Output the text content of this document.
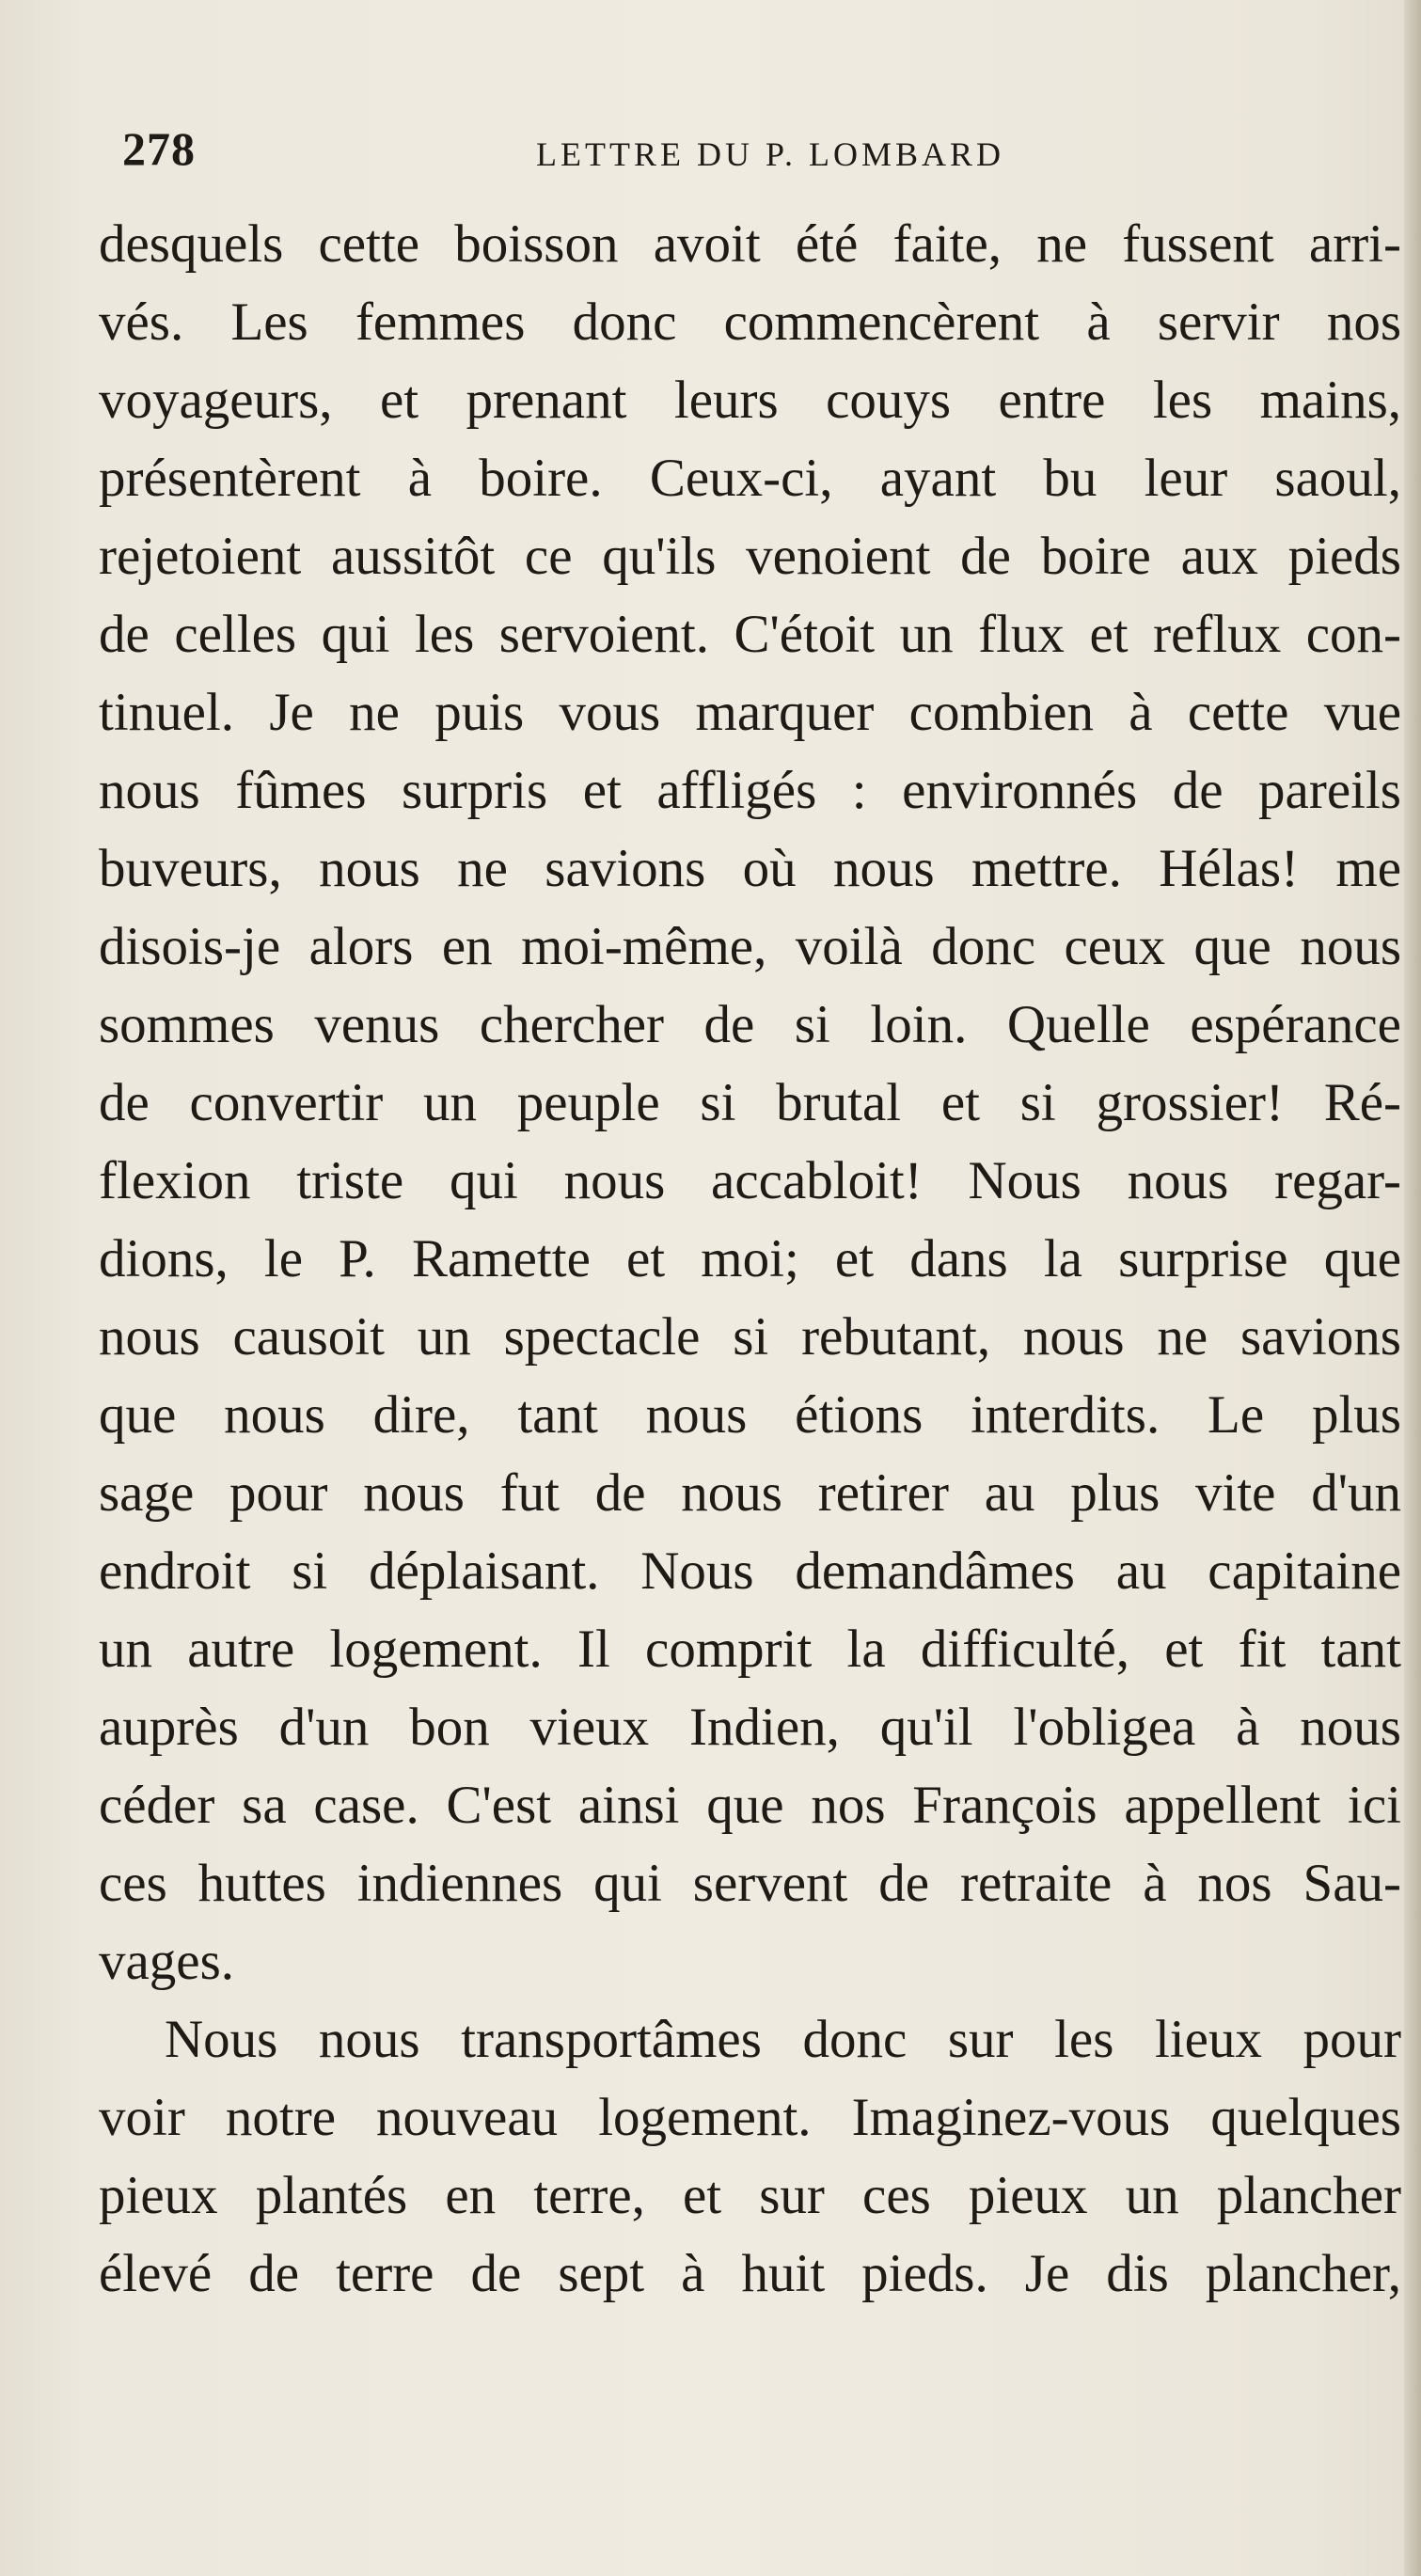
278	LETTRE DU P. LOMBARD
desquels cette boisson avoit été faite, ne fussent arri-
vés. Les femmes donc commencèrent à servir nos
voyageurs, et prenant leurs couys entre les mains,
présentèrent à boire. Ceux-ci, ayant bu leur saoul,
rejetoient aussitôt ce qu'ils venoient de boire aux pieds
de celles qui les servoient. C'étoit un flux et reflux con-
tinuel. Je ne puis vous marquer combien à cette vue
nous fûmes surpris et affligés : environnés de pareils
buveurs, nous ne savions où nous mettre. Hélas! me
disois-je alors en moi-même, voilà donc ceux que nous
sommes venus chercher de si loin. Quelle espérance
de convertir un peuple si brutal et si grossier! Ré-
flexion triste qui nous accabloit! Nous nous regar-
dions, le P. Ramette et moi; et dans la surprise que
nous causoit un spectacle si rebutant, nous ne savions
que nous dire, tant nous étions interdits. Le plus
sage pour nous fut de nous retirer au plus vite d'un
endroit si déplaisant. Nous demandâmes au capitaine
un autre logement. Il comprit la difficulté, et fit tant
auprès d'un bon vieux Indien, qu'il l'obligea à nous
céder sa case. C'est ainsi que nos François appellent ici
ces huttes indiennes qui servent de retraite à nos Sau-
vages.
Nous nous transportâmes donc sur les lieux pour
voir notre nouveau logement. Imaginez-vous quelques
pieux plantés en terre, et sur ces pieux un plancher
élevé de terre de sept à huit pieds. Je dis plancher,
